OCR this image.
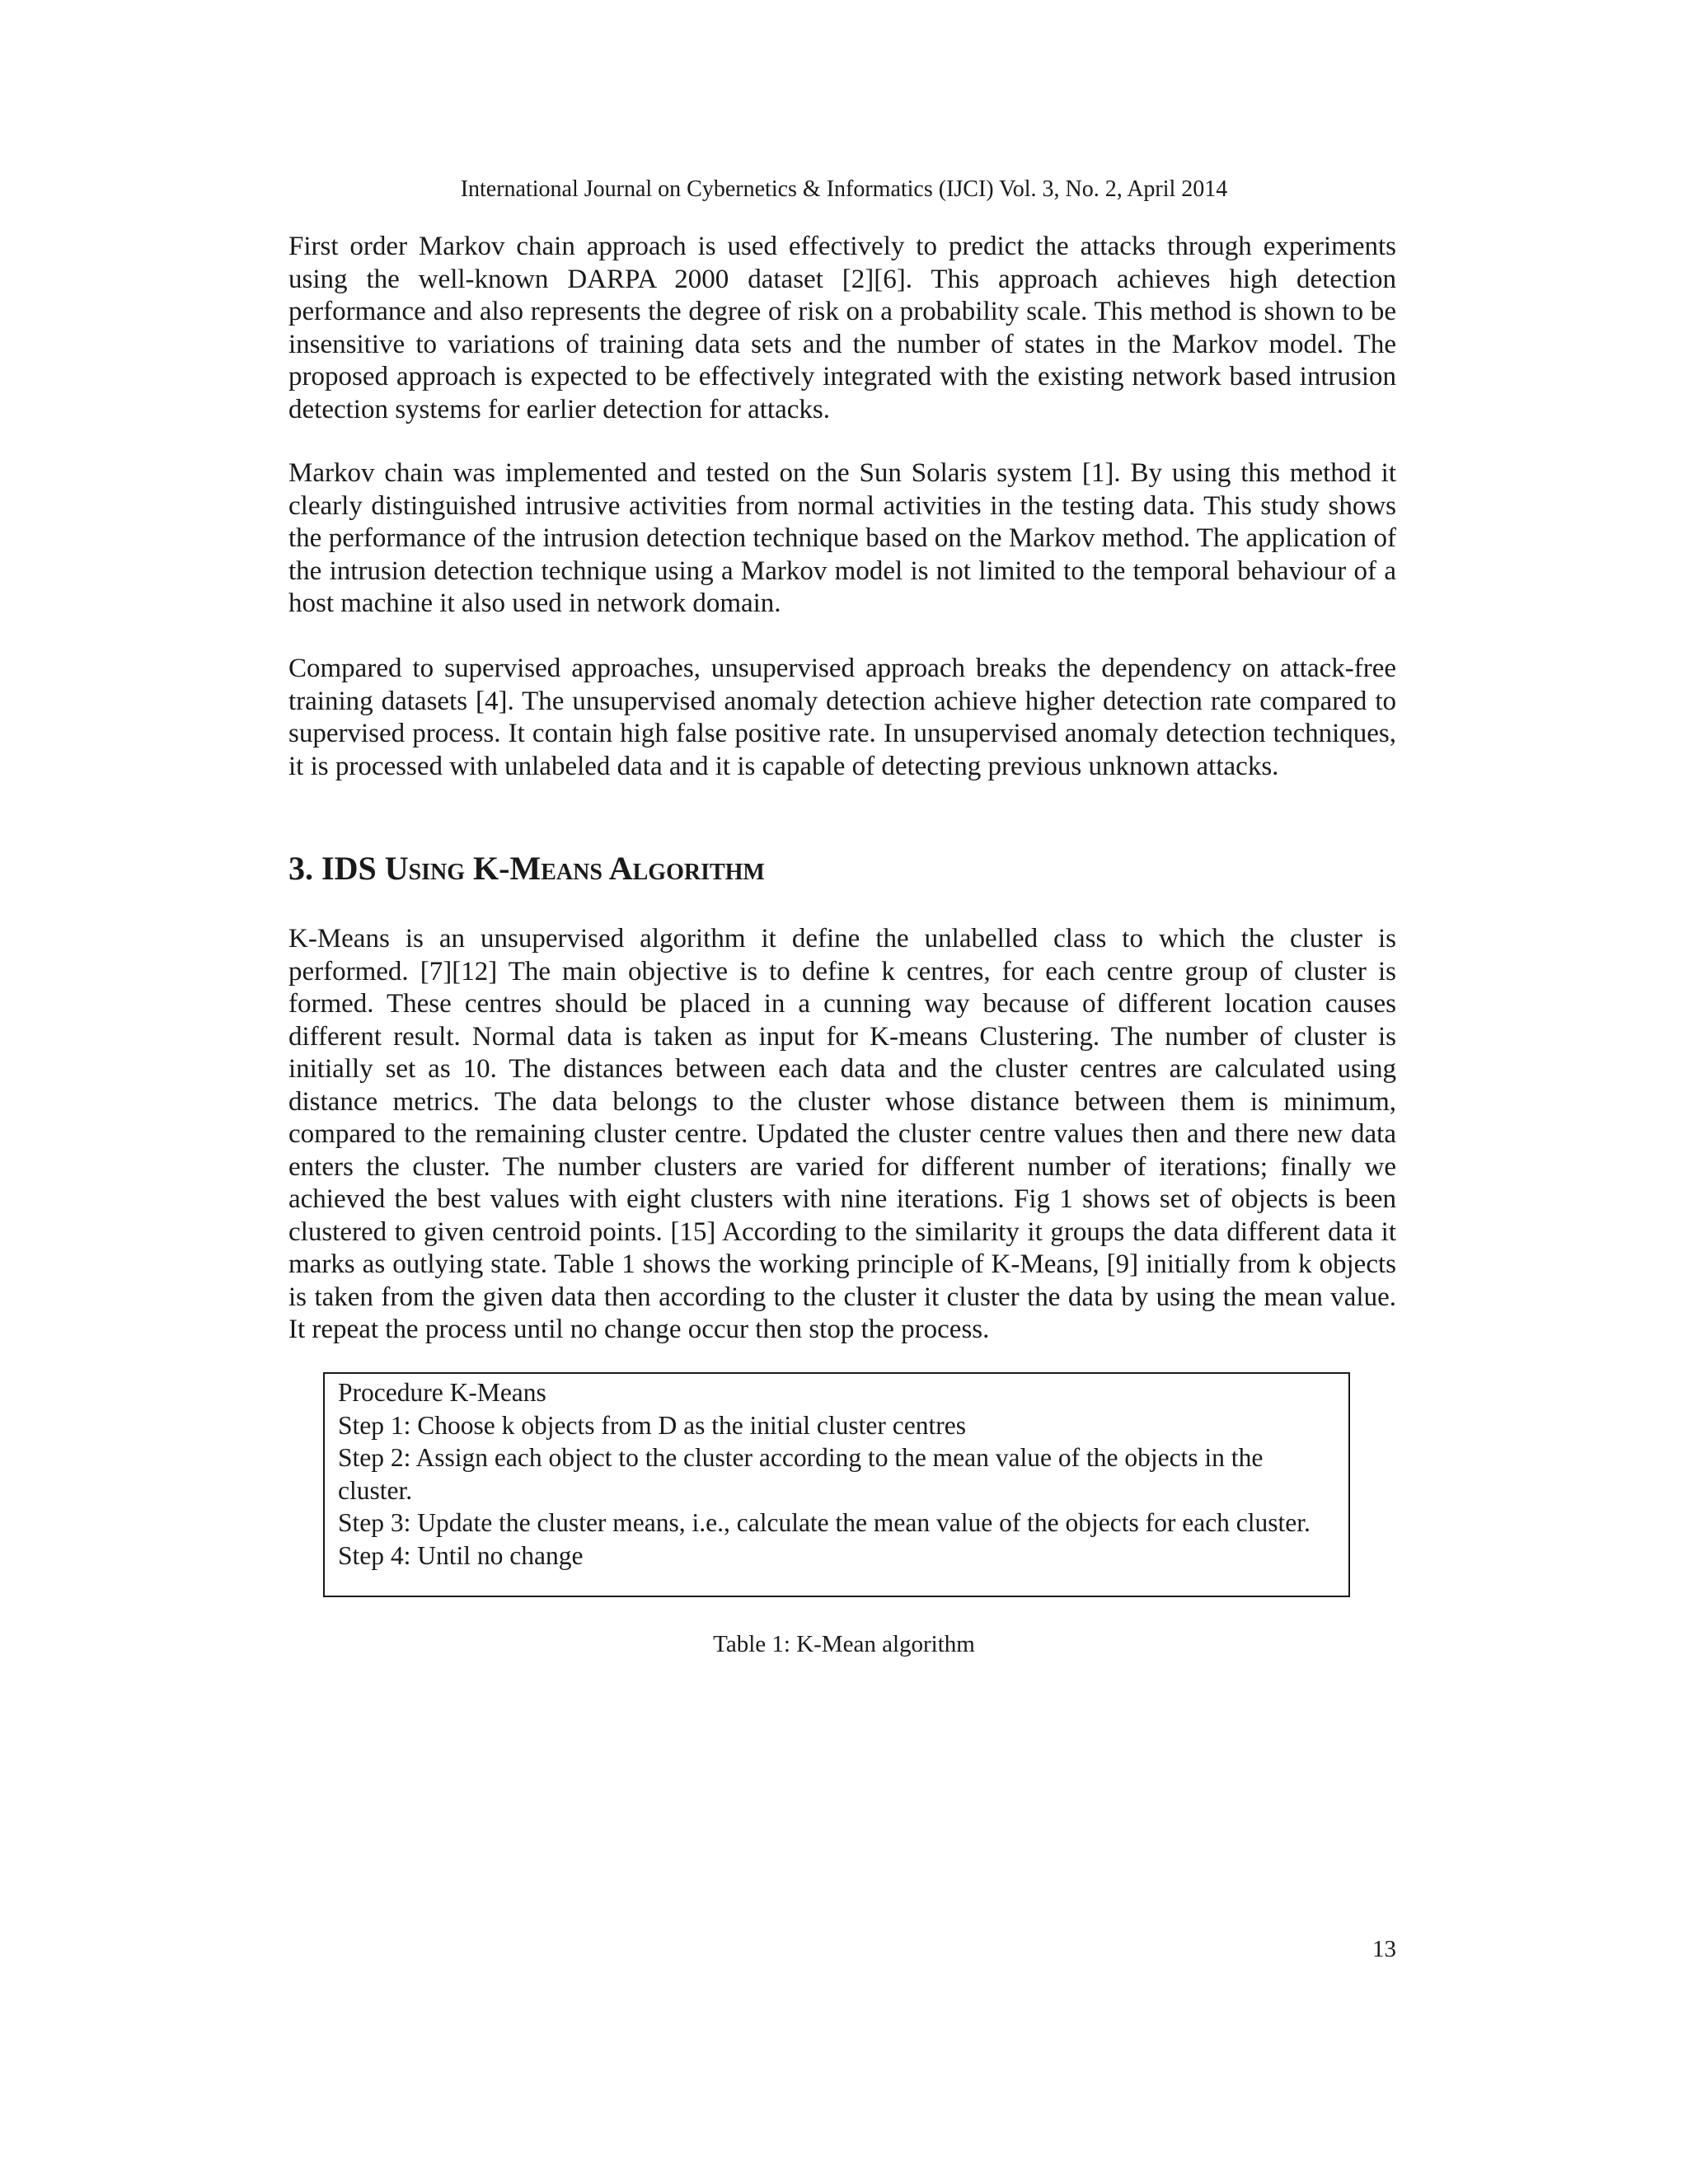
International Journal on Cybernetics & Informatics (IJCI) Vol. 3, No. 2, April 2014

First order Markov chain approach is used effectively to predict the attacks through experiments using the well-known DARPA 2000 dataset [2][6]. This approach achieves high detection performance and also represents the degree of risk on a probability scale. This method is shown to be insensitive to variations of training data sets and the number of states in the Markov model. The proposed approach is expected to be effectively integrated with the existing network based intrusion detection systems for earlier detection for attacks.

Markov chain was implemented and tested on the Sun Solaris system [1]. By using this method it clearly distinguished intrusive activities from normal activities in the testing data. This study shows the performance of the intrusion detection technique based on the Markov method. The application of the intrusion detection technique using a Markov model is not limited to the temporal behaviour of a host machine it also used in network domain.

Compared to supervised approaches, unsupervised approach breaks the dependency on attack-free training datasets [4]. The unsupervised anomaly detection achieve higher detection rate compared to supervised process. It contain high false positive rate. In unsupervised anomaly detection techniques, it is processed with unlabeled data and it is capable of detecting previous unknown attacks.

3. IDS Using K-Means Algorithm

K-Means is an unsupervised algorithm it define the unlabelled class to which the cluster is performed. [7][12] The main objective is to define k centres, for each centre group of cluster is formed. These centres should be placed in a cunning way because of different location causes different result. Normal data is taken as input for K-means Clustering. The number of cluster is initially set as 10. The distances between each data and the cluster centres are calculated using distance metrics. The data belongs to the cluster whose distance between them is minimum, compared to the remaining cluster centre. Updated the cluster centre values then and there new data enters the cluster. The number clusters are varied for different number of iterations; finally we achieved the best values with eight clusters with nine iterations. Fig 1 shows set of objects is been clustered to given centroid points. [15] According to the similarity it groups the data different data it marks as outlying state. Table 1 shows the working principle of K-Means, [9] initially from k objects is taken from the given data then according to the cluster it cluster the data by using the mean value. It repeat the process until no change occur then stop the process.

Procedure K-Means
Step 1: Choose k objects from D as the initial cluster centres
Step 2: Assign each object to the cluster according to the mean value of the objects in the cluster.
Step 3: Update the cluster means, i.e., calculate the mean value of the objects for each cluster.
Step 4: Until no change
Table 1: K-Mean algorithm
13
